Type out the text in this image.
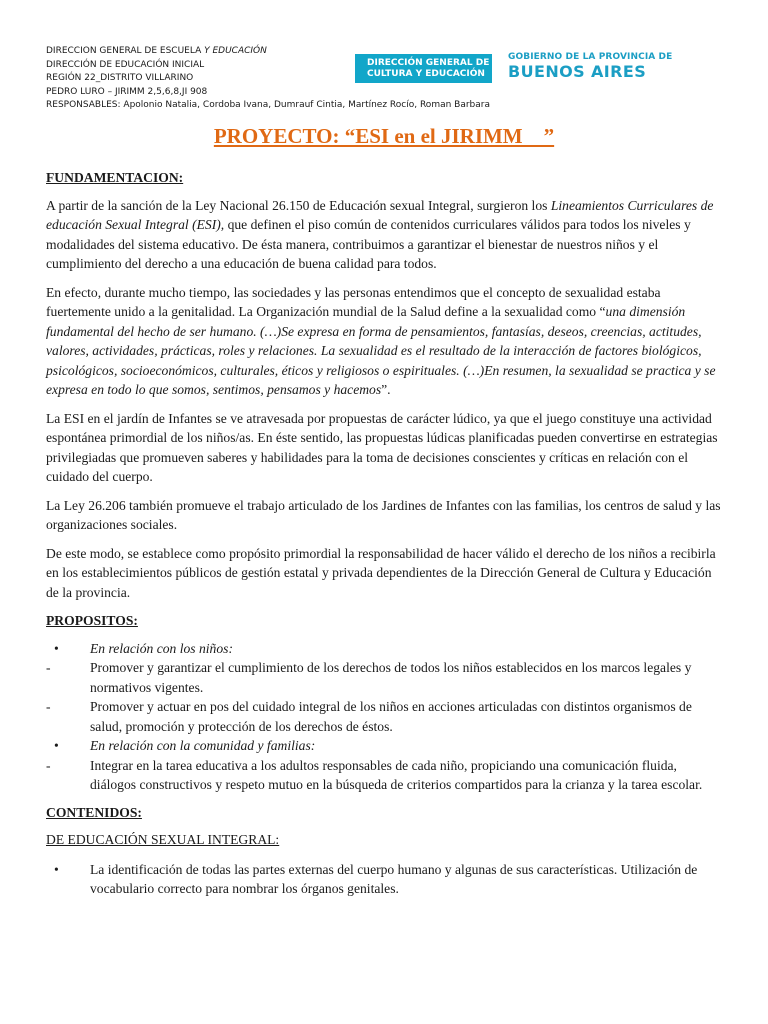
DIRECCION GENERAL DE ESCUELA Y EDUCACIÓN
DIRECCIÓN DE EDUCACIÓN INICIAL
REGIÓN 22_DISTRITO VILLARINO
PEDRO LURO – JIRIMM 2,5,6,8,JI 908
RESPONSABLES: Apolonio Natalia, Cordoba Ivana, Dumrauf Cintia, Martínez Rocío, Roman Barbara
DIRECCIÓN GENERAL DE
CULTURA Y EDUCACIÓN
GOBIERNO DE LA PROVINCIA DE
BUENOS AIRES
PROYECTO: “ESI en el JIRIMM    ”
FUNDAMENTACION:

A partir de la sanción de la Ley Nacional 26.150 de Educación sexual Integral, surgieron los Lineamientos Curriculares de educación Sexual Integral (ESI), que definen el piso común de contenidos curriculares válidos para todos los niveles y modalidades del sistema educativo. De ésta manera, contribuimos a garantizar el bienestar de nuestros niños y el cumplimiento del derecho a una educación de buena calidad para todos.

En efecto, durante mucho tiempo, las sociedades y las personas entendimos que el concepto de sexualidad estaba fuertemente unido a la genitalidad. La Organización mundial de la Salud define a la sexualidad como “una dimensión fundamental del hecho de ser humano. (…)Se expresa en forma de pensamientos, fantasías, deseos, creencias, actitudes, valores, actividades, prácticas, roles y relaciones. La sexualidad es el resultado de la interacción de factores biológicos, psicológicos, socioeconómicos, culturales, éticos y religiosos o espirituales. (…)En resumen, la sexualidad se practica y se expresa en todo lo que somos, sentimos, pensamos y hacemos”.

La ESI en el jardín de Infantes se ve atravesada por propuestas de carácter lúdico, ya que el juego constituye una actividad espontánea primordial de los niños/as. En éste sentido, las propuestas lúdicas planificadas pueden convertirse en estrategias privilegiadas que promueven saberes y habilidades para la toma de decisiones conscientes y críticas en relación con el cuidado del cuerpo.

La Ley 26.206 también promueve el trabajo articulado de los Jardines de Infantes con las familias, los centros de salud y las organizaciones sociales.

De este modo, se establece como propósito primordial la responsabilidad de hacer válido el derecho de los niños a recibirla en los establecimientos públicos de gestión estatal y privada dependientes de la Dirección General de Cultura y Educación de la provincia.

PROPOSITOS:
• En relación con los niños:
-	Promover y garantizar el cumplimiento de los derechos de todos los niños establecidos en los marcos legales y normativos vigentes.
-	Promover y actuar en pos del cuidado integral de los niños en acciones articuladas con distintos organismos de salud, promoción y protección de los derechos de éstos.
• En relación con la comunidad y familias:
-	Integrar en la tarea educativa a los adultos responsables de cada niño, propiciando una comunicación fluida, diálogos constructivos y respeto mutuo en la búsqueda de criterios compartidos para la crianza y la tarea escolar.
CONTENIDOS:
DE EDUCACIÓN SEXUAL INTEGRAL:
• La identificación de todas las partes externas del cuerpo humano y algunas de sus características. Utilización de vocabulario correcto para nombrar los órganos genitales.
